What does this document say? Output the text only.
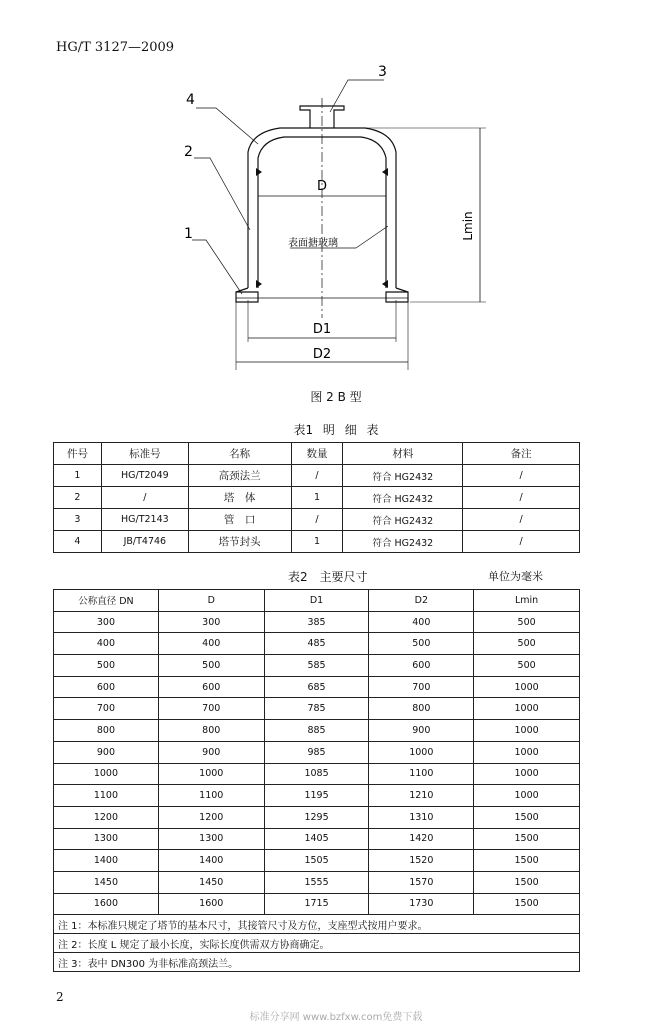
HG/T 3127—2009
D
D1
D2
Lmin
表面搪玻璃
3
4
2
1
图 2 B 型
表1 明 细 表
件号	标准号	名称	数量	材料	备注
1	HG/T2049	高颈法兰	/	符合 HG2432	/
2	/	塔　体	1	符合 HG2432	/
3	HG/T2143	管　口	/	符合 HG2432	/
4	JB/T4746	塔节封头	1	符合 HG2432	/
表2 主要尺寸	单位为毫米
公称直径 DN	D	D1	D2	Lmin
300	300	385	400	500
400	400	485	500	500
500	500	585	600	500
600	600	685	700	1000
700	700	785	800	1000
800	800	885	900	1000
900	900	985	1000	1000
1000	1000	1085	1100	1000
1100	1100	1195	1210	1000
1200	1200	1295	1310	1500
1300	1300	1405	1420	1500
1400	1400	1505	1520	1500
1450	1450	1555	1570	1500
1600	1600	1715	1730	1500
注 1：本标准只规定了塔节的基本尺寸，其接管尺寸及方位，支座型式按用户要求。				
注 2：长度 L 规定了最小长度，实际长度供需双方协商确定。				
注 3：表中 DN300 为非标准高颈法兰。				
2
标准分享网 www.bzfxw.com免费下载
